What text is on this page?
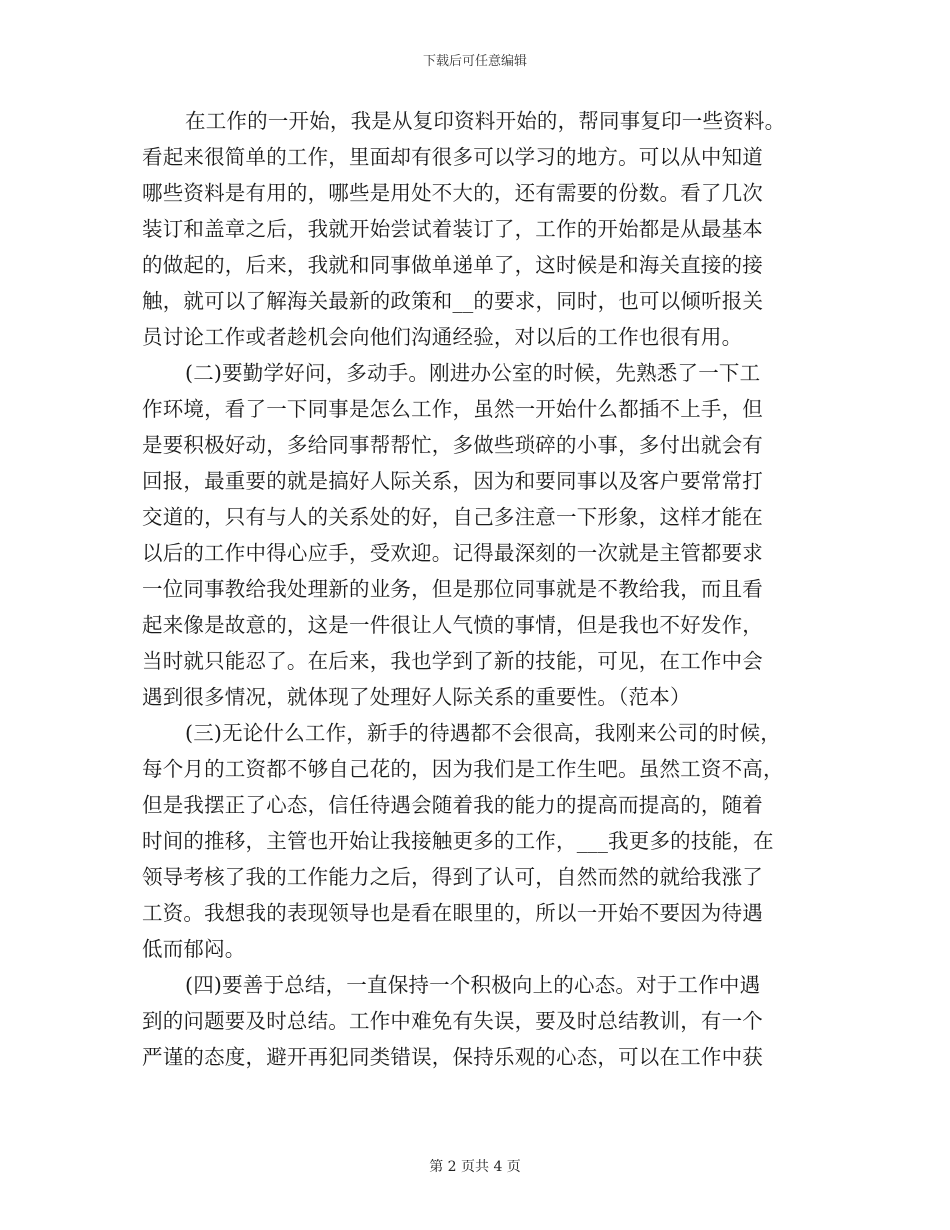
下载后可任意编辑
在工作的一开始，我是从复印资料开始的，帮同事复印一些资料。
看起来很简单的工作，里面却有很多可以学习的地方。可以从中知道
哪些资料是有用的，哪些是用处不大的，还有需要的份数。看了几次
装订和盖章之后，我就开始尝试着装订了，工作的开始都是从最基本
的做起的，后来，我就和同事做单递单了，这时候是和海关直接的接
触，就可以了解海关最新的政策和__的要求，同时，也可以倾听报关
员讨论工作或者趁机会向他们沟通经验，对以后的工作也很有用。
(二)要勤学好问，多动手。刚进办公室的时候，先熟悉了一下工
作环境，看了一下同事是怎么工作，虽然一开始什么都插不上手，但
是要积极好动，多给同事帮帮忙，多做些琐碎的小事，多付出就会有
回报，最重要的就是搞好人际关系，因为和要同事以及客户要常常打
交道的，只有与人的关系处的好，自己多注意一下形象，这样才能在
以后的工作中得心应手，受欢迎。记得最深刻的一次就是主管都要求
一位同事教给我处理新的业务，但是那位同事就是不教给我，而且看
起来像是故意的，这是一件很让人气愤的事情，但是我也不好发作，
当时就只能忍了。在后来，我也学到了新的技能，可见，在工作中会
遇到很多情况，就体现了处理好人际关系的重要性。（范本）
(三)无论什么工作，新手的待遇都不会很高，我刚来公司的时候，
每个月的工资都不够自己花的，因为我们是工作生吧。虽然工资不高，
但是我摆正了心态，信任待遇会随着我的能力的提高而提高的，随着
时间的推移，主管也开始让我接触更多的工作，___我更多的技能，在
领导考核了我的工作能力之后，得到了认可，自然而然的就给我涨了
工资。我想我的表现领导也是看在眼里的，所以一开始不要因为待遇
低而郁闷。
(四)要善于总结，一直保持一个积极向上的心态。对于工作中遇
到的问题要及时总结。工作中难免有失误，要及时总结教训，有一个
严谨的态度，避开再犯同类错误，保持乐观的心态，可以在工作中获
第 2 页共 4 页
